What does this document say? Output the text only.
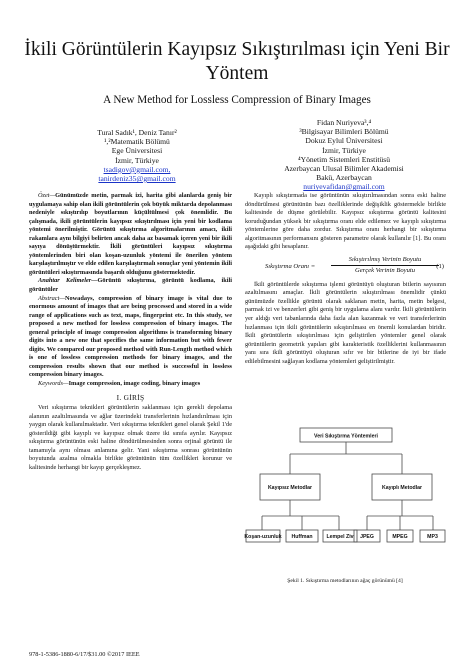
İkili Görüntülerin Kayıpsız Sıkıştırılması için Yeni Bir Yöntem
A New Method for Lossless Compression of Binary Images
Tural Sadık¹, Deniz Tanır²
¹,²Matematik Bölümü
Ege Üniversitesi
İzmir, Türkiye
tsadigov@gmail.com,
tanirdeniz35@gmail.com
Fidan Nuriyeva³,⁴
³Bilgisayar Bilimleri Bölümü
Dokuz Eylul Üniversitesi
İzmir, Türkiye
⁴Yönetim Sistemleri Enstitüsü
Azerbaycan Ulusal Bilimler Akademisi
Bakü, Azerbaycan
nuriyevafidan@gmail.com

Özet—Günümüzde metin, parmak izi, harita gibi alanlarda geniş bir uygulamaya sahip olan ikili görüntülerin çok büyük miktarda depolanması nedeniyle sıkıştırılıp boyutlarının küçültülmesi çok önemlidir. Bu çalışmada, ikili görüntülerin kayıpsız sıkıştırılması için yeni bir kodlama yöntemi önerilmiştir. Görüntü sıkıştırma algoritmalarının amacı, ikili rakamlara aynı bilgiyi belirten ancak daha az basamak içeren yeni bir ikili sayıya dönüştürmektir. İkili görüntüleri kayıpsız sıkıştırma yöntemlerinden biri olan koşan-uzunluk yöntemi ile önerilen yöntem karşılaştırılmıştır ve elde edilen karşılaştırmalı sonuçlar yeni yöntemin ikili görüntüleri sıkıştırmasında başarılı olduğunu göstermektedir.

Anahtar Kelimeler—Görüntü sıkıştırma, görüntü kodlama, ikili görüntüler

Abstract—Nowadays, compression of binary image is vital due to enormous amount of images that are being processed and stored in a wide range of applications such as text, maps, fingerprint etc. In this study, we proposed a new method for lossless compression of binary images. The general principle of image compression algorithms is transforming binary digits into a new one that specifies the same information but with fewer digits. We compared our proposed method with Run-Length method which is one of lossless compression methods for binary images, and the compression results shown that our method is successful in lossless compression binary images.

Keywords—Image compression, image coding, binary images

I. GİRİŞ

Veri sıkıştırma teknikleri görüntülerin saklanması için gerekli depolama alanının azaltılmasında ve ağlar üzerindeki transferlerinin hızlandırılması için yaygın olarak kullanılmaktadır. Veri sıkıştırma teknikleri genel olarak Şekil 1'de gösterildiği gibi kayıplı ve kayıpsız olmak üzere iki sınıfa ayrılır. Kayıpsız sıkıştırma görüntünün eski haline döndürülmesinden sonra orjinal görüntü ile tamamıyla aynı olması anlamına gelir. Yani sıkıştırma sonrası görüntünün boyutunda azalma olmakla birlikte görüntünün tüm özellikleri korunur ve kalitesinde herhangi bir kayıp gerçekleşmez.

Kayıplı sıkıştırmada ise görüntünün sıkıştırılmasından sonra eski haline döndürülmesi görüntünün bazı özelliklerinde değişiklik göstermekle birlikte kalitesinde de düşme görülebilir. Kayıpsız sıkıştırma görüntü kalitesini koruduğundan yüksek bir sıkıştırma oranı elde edilemez ve kayıplı sıkıştırma yöntemlerine göre daha zordur. Sıkıştırma oranı herhangi bir sıkıştırma algoritmasının performansını gösteren parametre olarak kullanılır [1]. Bu oranı aşağıdaki gibi hesaplanır.

Sıkıştırma Oranı =
Sıkıştırılmış Verinin Boyutu
Gerçek Verinin Boyutu
(1)

İkili görüntülerde sıkıştırma işlemi görüntüyü oluşturan bitlerin sayısının azaltılmasını amaçlar. İkili görüntülerin sıkıştırılması önemlidir çünkü günümüzde özellikle görüntü olarak saklanan metin, harita, metin belgesi, parmak izi ve benzerleri gibi geniş bir uygulama alanı vardır. İkili görüntülerin yer aldığı veri tabanlarında daha fazla alan kazanmak ve veri transferlerinin hızlanması için ikili görüntülerin sıkıştırılması en önemli konulardan biridir. İkili görüntülerin sıkıştırılması için geliştirilen yöntemler genel olarak görüntülerin geometrik yapıları gibi karakteristik özelliklerini kullanmasının yanı sıra ikili görüntüyü oluşturan sıfır ve bir bitlerine de iyi bir ifade edilebilmesini sağlayan kodlama yöntemleri geliştirilmiştir.

Veri Sıkıştırma Yöntemleri
Kayıpsız Metodlar	Kayıplı Metodlar
Koşan-uzunluk Huffman	Lempel Ziv JPEG	MPEG	MP3
Şekil 1. Sıkıştırma metodlarının ağaç görünümü [4]
978-1-5386-1880-6/17/$31.00 ©2017 IEEE
